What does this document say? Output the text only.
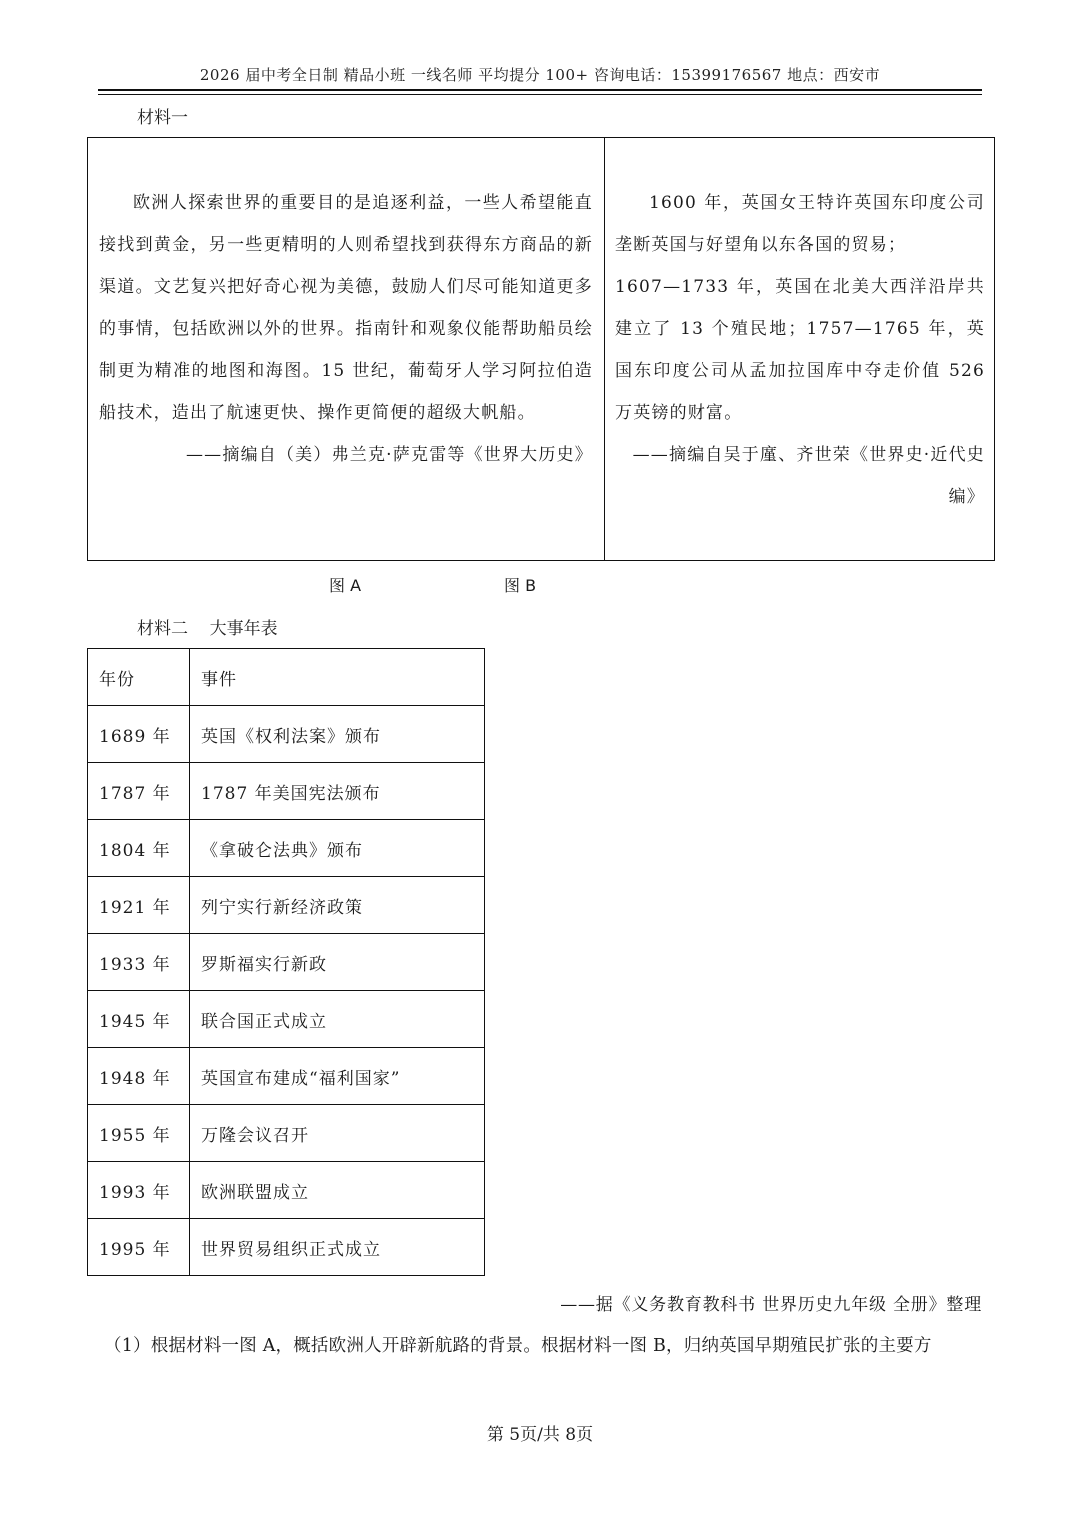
2026 届中考全日制 精品小班 一线名师 平均提分 100+ 咨询电话：15399176567 地点：西安市
材料一

欧洲人探索世界的重要目的是追逐利益，一些人希望能直接找到黄金，另一些更精明的人则希望找到获得东方商品的新渠道。文艺复兴把好奇心视为美德，鼓励人们尽可能知道更多的事情，包括欧洲以外的世界。指南针和观象仪能帮助船员绘制更为精准的地图和海图。15 世纪，葡萄牙人学习阿拉伯造船技术，造出了航速更快、操作更简便的超级大帆船。

——摘编自（美）弗兰克·萨克雷等《世界大历史》

1600 年，英国女王特许英国东印度公司垄断英国与好望角以东各国的贸易；

1607—1733 年，英国在北美大西洋沿岸共建立了 13 个殖民地；1757—1765 年，英国东印度公司从孟加拉国库中夺走价值 526 万英镑的财富。

——摘编自吴于廑、齐世荣《世界史·近代史编》

图 A	图 B
材料二    大事年表
年份	事件
1689 年	英国《权利法案》颁布
1787 年	1787 年美国宪法颁布
1804 年	《拿破仑法典》颁布
1921 年	列宁实行新经济政策
1933 年	罗斯福实行新政
1945 年	联合国正式成立
1948 年	英国宣布建成“福利国家”
1955 年	万隆会议召开
1993 年	欧洲联盟成立
1995 年	世界贸易组织正式成立
——据《义务教育教科书 世界历史九年级 全册》整理
（1）根据材料一图 A，概括欧洲人开辟新航路的背景。根据材料一图 B，归纳英国早期殖民扩张的主要方
第 5页/共 8页
